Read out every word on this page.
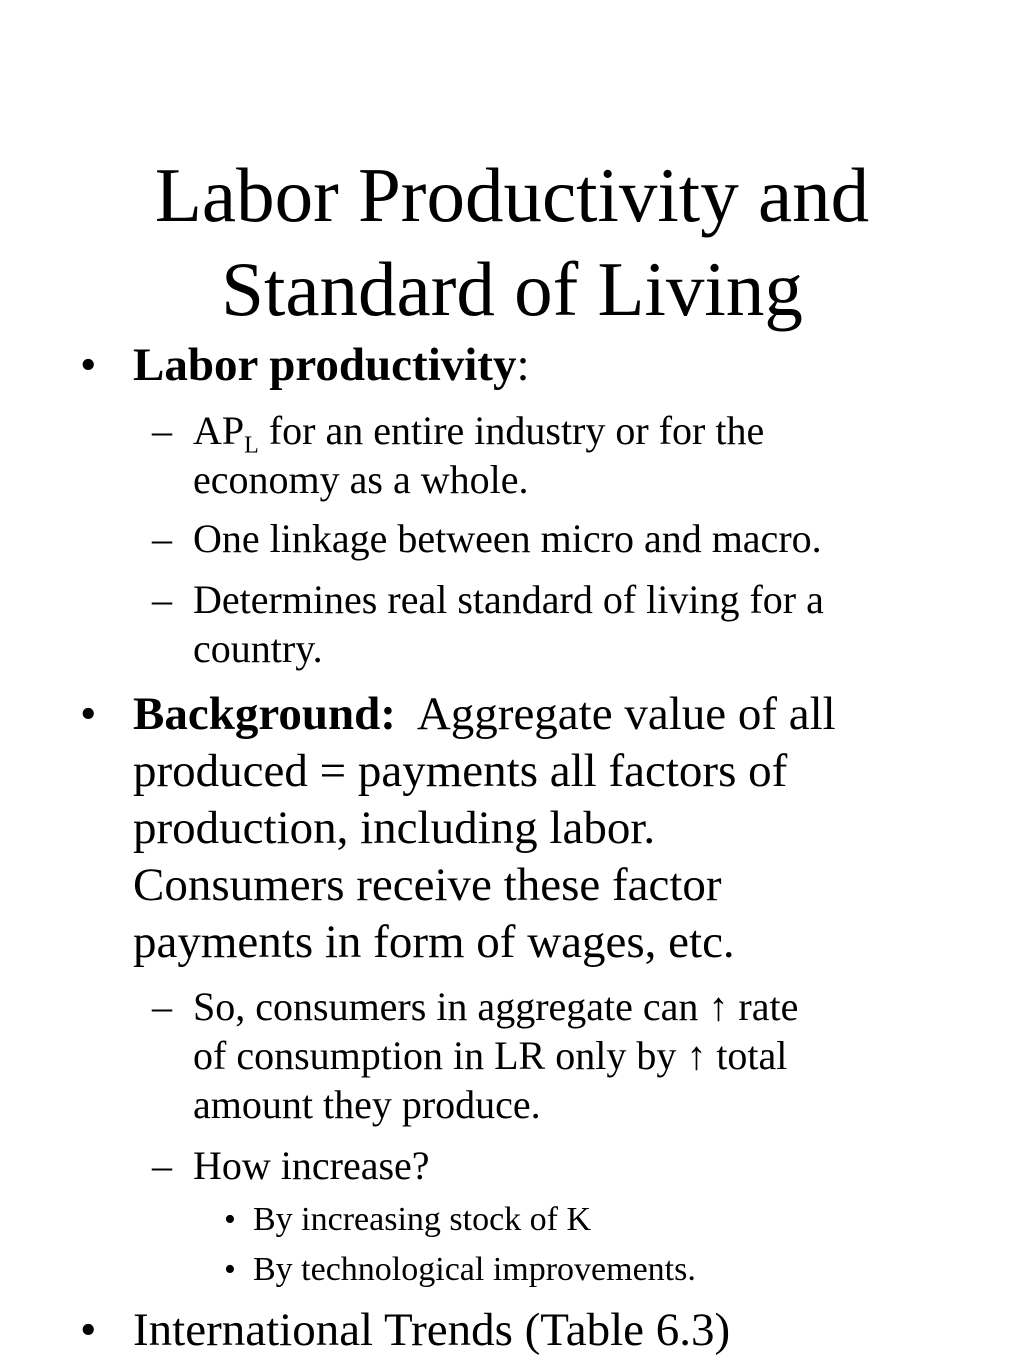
Labor Productivity and
Standard of Living
• Labor productivity:
– $AP_L$ for an entire industry or for the
economy as a whole.
– One linkage between micro and macro.
– Determines real standard of living for a
country.
• Background:  Aggregate value of all
produced = payments all factors of
production, including labor.
Consumers receive these factor
payments in form of wages, etc.
– So, consumers in aggregate can ↑ rate
of consumption in LR only by ↑ total
amount they produce.
– How increase?
• By increasing stock of K
• By technological improvements.
• International Trends (Table 6.3)
